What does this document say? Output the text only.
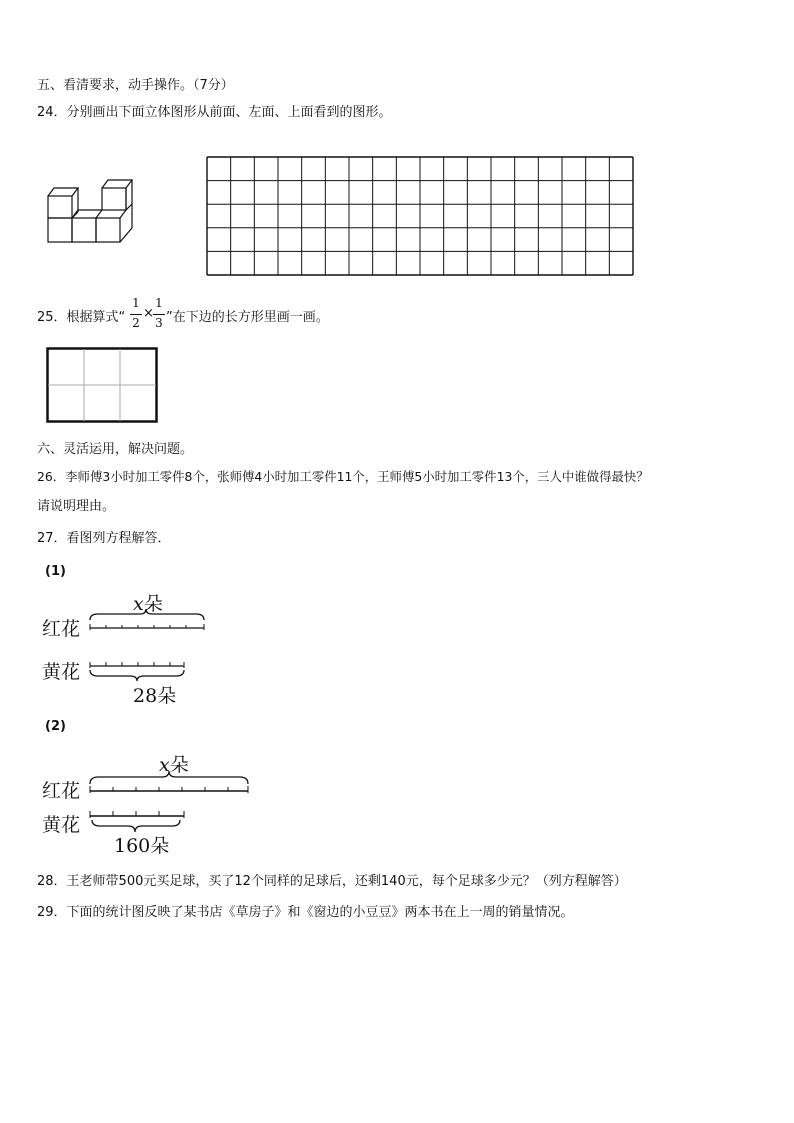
五、看清要求，动手操作。（7分）
24．分别画出下面立体图形从前面、左面、上面看到的图形。
25．根据算式“
1
2
×
1
3 ”在下边的长方形里画一画。
六、灵活运用，解决问题。
26．李师傅3小时加工零件8个，张师傅4小时加工零件11个，王师傅5小时加工零件13个，三人中谁做得最快？
请说明理由。
27．看图列方程解答．
(1)
x朵
红花
黄花
28朵
(2)
x朵
红花
黄花
160朵
28．王老师带500元买足球，买了12个同样的足球后，还剩140元，每个足球多少元？（列方程解答）
29．下面的统计图反映了某书店《草房子》和《窗边的小豆豆》两本书在上一周的销量情况。
